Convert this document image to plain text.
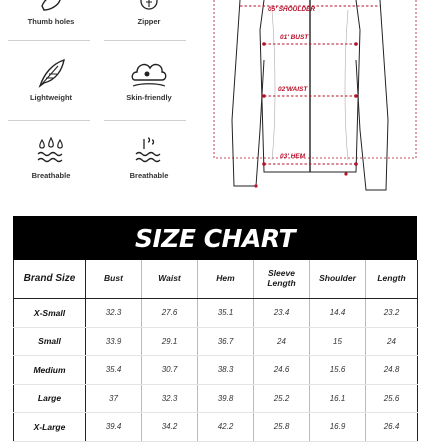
Thumb holes	Zipper
Lightweight	Skin-friendly
Breathable	Breathable
05' SHOULDER
01' BUST
02'WAIST
03' HEM
SIZE CHART
Brand Size	Bust	Waist	Hem	Sleeve Length	Shoulder	Length
X-Small	32.3	27.6	35.1	23.4	14.4	23.2
Small	33.9	29.1	36.7	24	15	24
Medium	35.4	30.7	38.3	24.6	15.6	24.8
Large	37	32.3	39.8	25.2	16.1	25.6
X-Large	39.4	34.2	42.2	25.8	16.9	26.4
